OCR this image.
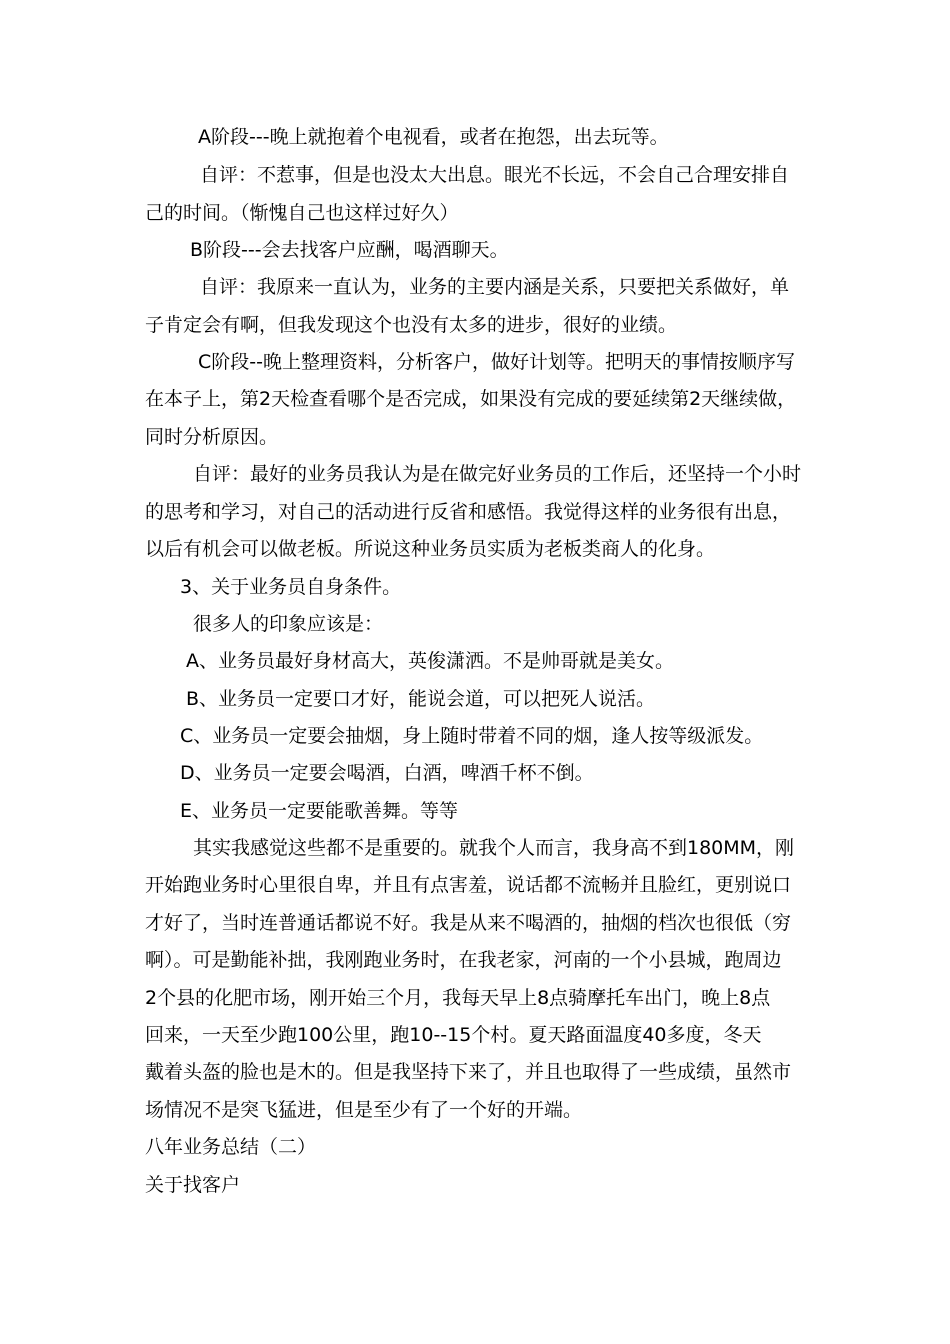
A阶段---晚上就抱着个电视看，或者在抱怨，出去玩等。
自评：不惹事，但是也没太大出息。眼光不长远，不会自己合理安排自
己的时间。（惭愧自己也这样过好久）
B阶段---会去找客户应酬，喝酒聊天。
自评：我原来一直认为，业务的主要内涵是关系，只要把关系做好，单
子肯定会有啊，但我发现这个也没有太多的进步，很好的业绩。
C阶段--晚上整理资料，分析客户，做好计划等。把明天的事情按顺序写
在本子上，第2天检查看哪个是否完成，如果没有完成的要延续第2天继续做，
同时分析原因。
自评：最好的业务员我认为是在做完好业务员的工作后，还坚持一个小时
的思考和学习，对自己的活动进行反省和感悟。我觉得这样的业务很有出息，
以后有机会可以做老板。所说这种业务员实质为老板类商人的化身。
3、关于业务员自身条件。
很多人的印象应该是：
A、业务员最好身材高大，英俊潇洒。不是帅哥就是美女。
B、业务员一定要口才好，能说会道，可以把死人说活。
C、业务员一定要会抽烟，身上随时带着不同的烟，逢人按等级派发。
D、业务员一定要会喝酒，白酒，啤酒千杯不倒。
E、业务员一定要能歌善舞。等等
其实我感觉这些都不是重要的。就我个人而言，我身高不到180MM，刚
开始跑业务时心里很自卑，并且有点害羞，说话都不流畅并且脸红，更别说口
才好了，当时连普通话都说不好。我是从来不喝酒的，抽烟的档次也很低（穷
啊）。可是勤能补拙，我刚跑业务时，在我老家，河南的一个小县城，跑周边
2个县的化肥市场，刚开始三个月，我每天早上8点骑摩托车出门，晚上8点
回来，一天至少跑100公里，跑10--15个村。夏天路面温度40多度，冬天
戴着头盔的脸也是木的。但是我坚持下来了，并且也取得了一些成绩，虽然市
场情况不是突飞猛进，但是至少有了一个好的开端。
八年业务总结（二）
关于找客户
